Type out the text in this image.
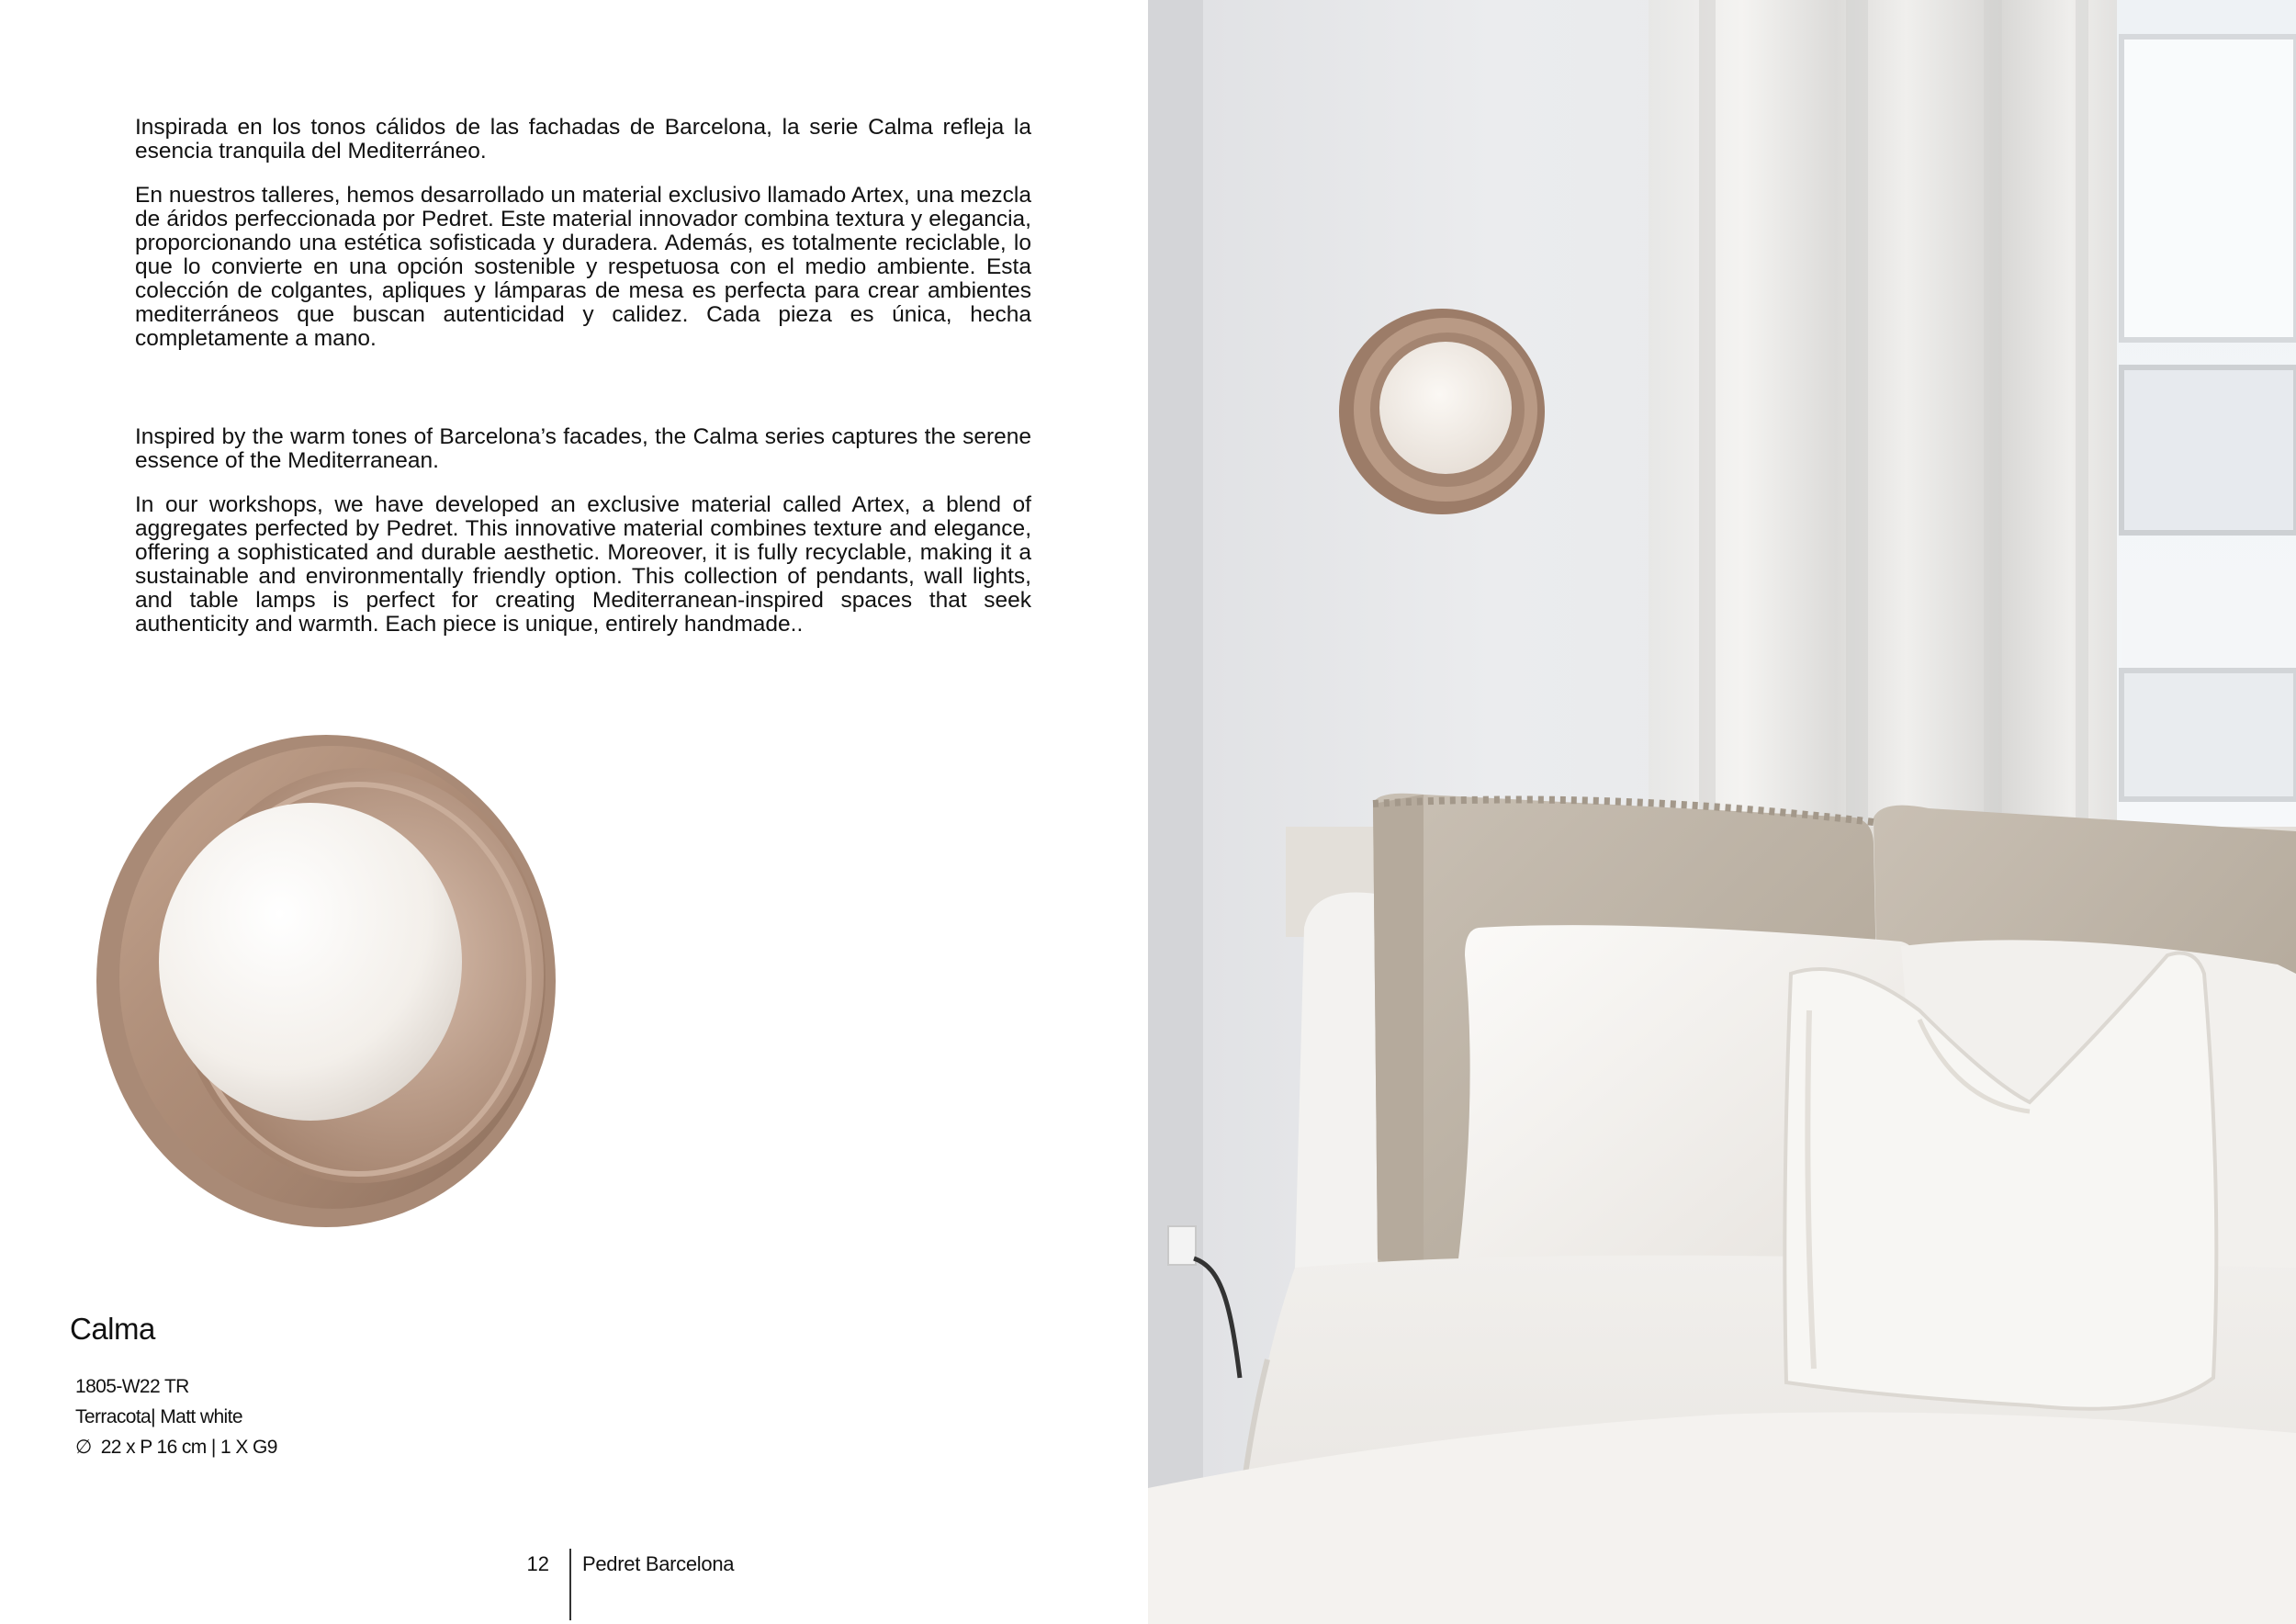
Inspirada en los tonos cálidos de las fachadas de Barcelona, la serie Calma refleja la esencia tranquila del Mediterráneo.

En nuestros talleres, hemos desarrollado un material exclusivo llamado Artex, una mezcla de áridos perfeccionada por Pedret. Este material innovador combina textura y elegancia, proporcionando una estética sofisticada y duradera. Además, es totalmente reciclable, lo que lo convierte en una opción sostenible y respetuosa con el medio ambiente. Esta colección de colgantes, apliques y lámparas de mesa es perfecta para crear ambientes mediterráneos que buscan autenticidad y calidez. Cada pieza es única, hecha completamente a mano.

Inspired by the warm tones of Barcelona’s facades, the Calma series captures the serene essence of the Mediterranean.

In our workshops, we have developed an exclusive material called Artex, a blend of aggregates perfected by Pedret. This innovative material combines texture and elegance, offering a sophisticated and durable aesthetic. Moreover, it is fully recyclable, making it a sustainable and environmentally friendly option. This collection of pendants, wall lights, and table lamps is perfect for creating Mediterranean-inspired spaces that seek authenticity and warmth. Each piece is unique, entirely handmade..

Calma
1805-W22 TR
Terracota| Matt white
∅ 22 x P 16 cm | 1 X G9
12 Pedret Barcelona
